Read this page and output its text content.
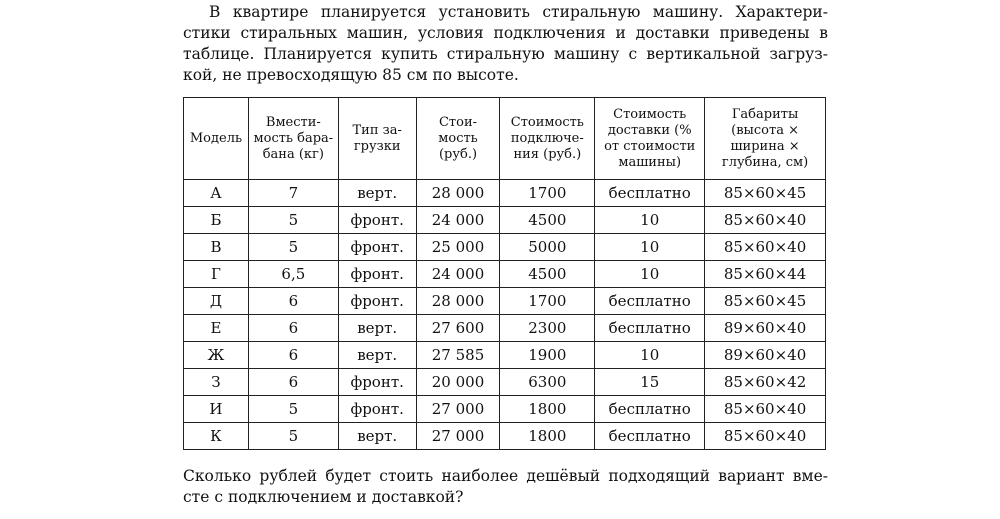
В квартире планируется установить стиральную машину. Характери-
стики стиральных машин, условия подключения и доставки приведены в
таблице. Планируется купить стиральную машину с вертикальной загруз-
кой, не превосходящую 85 см по высоте.
Модель	Вмести-
мость бара-
бана (кг)	Тип за-
грузки	Стои-
мость
(руб.)	Стоимость
подключе-
ния (руб.)	Стоимость
доставки (%
от стоимости
машины)	Габариты
(высота ×
ширина ×
глубина, см)

А	7	верт.	28 000	1700	бесплатно	85×60×45
Б	5	фронт.	24 000	4500	10	85×60×40
В	5	фронт.	25 000	5000	10	85×60×40
Г	6,5	фронт.	24 000	4500	10	85×60×44
Д	6	фронт.	28 000	1700	бесплатно	85×60×45
Е	6	верт.	27 600	2300	бесплатно	89×60×40
Ж	6	верт.	27 585	1900	10	89×60×40
З	6	фронт.	20 000	6300	15	85×60×42
И	5	фронт.	27 000	1800	бесплатно	85×60×40
К	5	верт.	27 000	1800	бесплатно	85×60×40
Сколько рублей будет стоить наиболее дешёвый подходящий вариант вме-
сте с подключением и доставкой?
